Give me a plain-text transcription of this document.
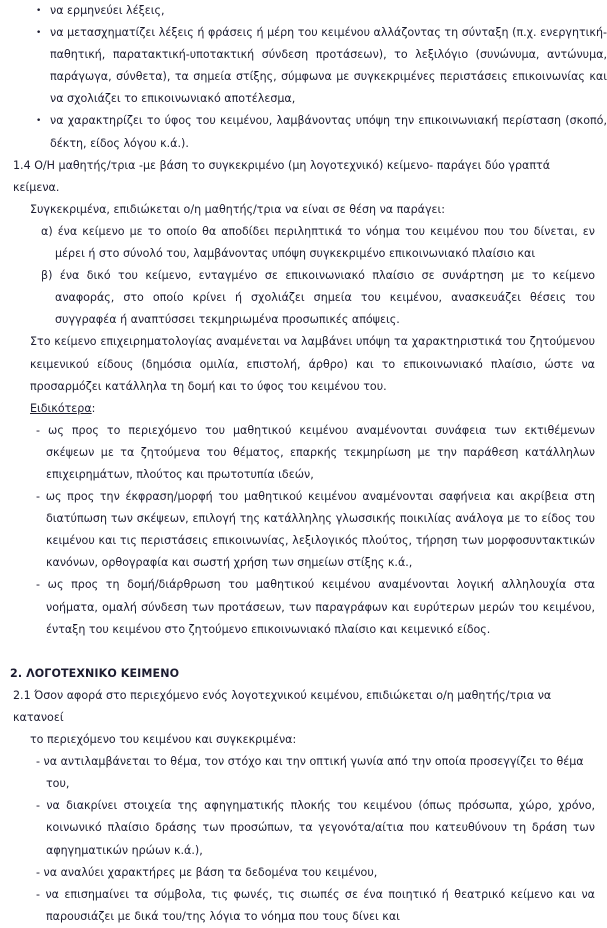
• να ερμηνεύει λέξεις,
• να μετασχηματίζει λέξεις ή φράσεις ή μέρη του κειμένου αλλάζοντας τη σύνταξη (π.χ. ενεργητική-παθητική, παρατακτική-υποτακτική σύνδεση προτάσεων), το λεξιλόγιο (συνώνυμα, αντώνυμα, παράγωγα, σύνθετα), τα σημεία στίξης, σύμφωνα με συγκεκριμένες περιστάσεις επικοινωνίας και να σχολιάζει το επικοινωνιακό αποτέλεσμα,
• να χαρακτηρίζει το ύφος του κειμένου, λαμβάνοντας υπόψη την επικοινωνιακή περίσταση (σκοπό, δέκτη, είδος λόγου κ.ά.).
1.4 Ο/Η μαθητής/τρια -με βάση το συγκεκριμένο (μη λογοτεχνικό) κείμενο- παράγει δύο γραπτά κείμενα.
Συγκεκριμένα, επιδιώκεται ο/η μαθητής/τρια να είναι σε θέση να παράγει:
α) ένα κείμενο με το οποίο θα αποδίδει περιληπτικά το νόημα του κειμένου που του δίνεται, εν μέρει ή στο σύνολό του, λαμβάνοντας υπόψη συγκεκριμένο επικοινωνιακό πλαίσιο και
β) ένα δικό του κείμενο, ενταγμένο σε επικοινωνιακό πλαίσιο σε συνάρτηση με το κείμενο αναφοράς, στο οποίο κρίνει ή σχολιάζει σημεία του κειμένου, ανασκευάζει θέσεις του συγγραφέα ή αναπτύσσει τεκμηριωμένα προσωπικές απόψεις.
Στο κείμενο επιχειρηματολογίας αναμένεται να λαμβάνει υπόψη τα χαρακτηριστικά του ζητούμενου κειμενικού είδους (δημόσια ομιλία, επιστολή, άρθρο) και το επικοινωνιακό πλαίσιο, ώστε να προσαρμόζει κατάλληλα τη δομή και το ύφος του κειμένου του.
Ειδικότερα:
- ως προς το περιεχόμενο του μαθητικού κειμένου αναμένονται συνάφεια των εκτιθέμενων σκέψεων με τα ζητούμενα του θέματος, επαρκής τεκμηρίωση με την παράθεση κατάλληλων επιχειρημάτων, πλούτος και πρωτοτυπία ιδεών,
- ως προς την έκφραση/μορφή του μαθητικού κειμένου αναμένονται σαφήνεια και ακρίβεια στη διατύπωση των σκέψεων, επιλογή της κατάλληλης γλωσσικής ποικιλίας ανάλογα με το είδος του κειμένου και τις περιστάσεις επικοινωνίας, λεξιλογικός πλούτος, τήρηση των μορφοσυντακτικών κανόνων, ορθογραφία και σωστή χρήση των σημείων στίξης κ.ά.,
- ως προς τη δομή/διάρθρωση του μαθητικού κειμένου αναμένονται λογική αλληλουχία στα νοήματα, ομαλή σύνδεση των προτάσεων, των παραγράφων και ευρύτερων μερών του κειμένου, ένταξη του κειμένου στο ζητούμενο επικοινωνιακό πλαίσιο και κειμενικό είδος.
2. ΛΟΓΟΤΕΧΝΙΚΟ ΚΕΙΜΕΝΟ
2.1 Όσον αφορά στο περιεχόμενο ενός λογοτεχνικού κειμένου, επιδιώκεται ο/η μαθητής/τρια να κατανοεί
το περιεχόμενο του κειμένου και συγκεκριμένα:
- να αντιλαμβάνεται το θέμα, τον στόχο και την οπτική γωνία από την οποία προσεγγίζει το θέμα του,
- να διακρίνει στοιχεία της αφηγηματικής πλοκής του κειμένου (όπως πρόσωπα, χώρο, χρόνο, κοινωνικό πλαίσιο δράσης των προσώπων, τα γεγονότα/αίτια που κατευθύνουν τη δράση των αφηγηματικών ηρώων κ.ά.),
- να αναλύει χαρακτήρες με βάση τα δεδομένα του κειμένου,
- να επισημαίνει τα σύμβολα, τις φωνές, τις σιωπές σε ένα ποιητικό ή θεατρικό κείμενο και να παρουσιάζει με δικά του/της λόγια το νόημα που τους δίνει και
